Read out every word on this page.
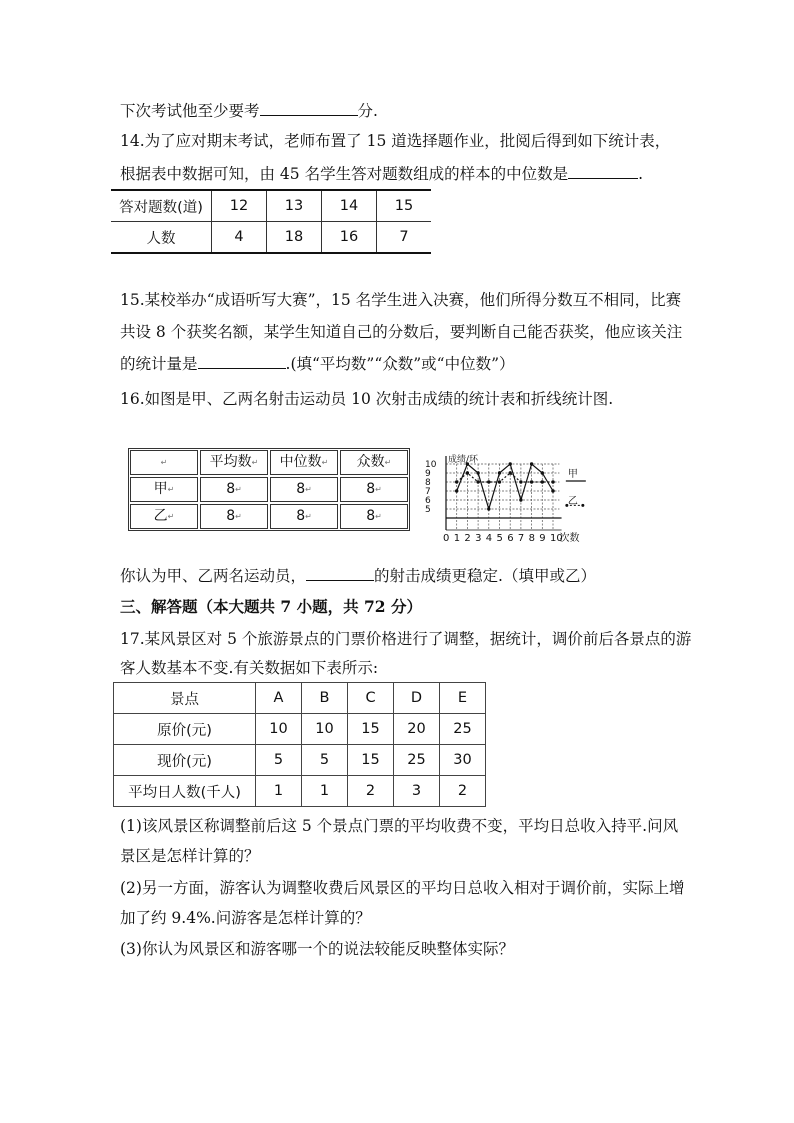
下次考试他至少要考	分.
14.为了应对期末考试，老师布置了 15 道选择题作业，批阅后得到如下统计表，
根据表中数据可知，由 45 名学生答对题数组成的样本的中位数是	.
答对题数(道)	12	13	14	15
人数	4	18	16	7
15.某校举办“成语听写大赛”，15 名学生进入决赛，他们所得分数互不相同，比赛
共设 8 个获奖名额，某学生知道自己的分数后，要判断自己能否获奖，他应该关注
的统计量是	.(填“平均数”“众数”或“中位数”）
16.如图是甲、乙两名射击运动员 10 次射击成绩的统计表和折线统计图.
↵	平均数↵	中位数↵	众数↵

甲↵	8↵	8↵	8↵

乙↵	8↵	8↵	8↵
10
9
8
7
6
5
0 1 2 3 4 5 6 7 8 9 10
成绩/环
次数
甲
乙
你认为甲、乙两名运动员，	的射击成绩更稳定.（填甲或乙）
三、解答题（本大题共 7 小题，共 72 分）
17.某风景区对 5 个旅游景点的门票价格进行了调整，据统计，调价前后各景点的游
客人数基本不变.有关数据如下表所示:
景点	A	B	C	D	E
原价(元)	10	10	15	20	25
现价(元)	5	5	15	25	30
平均日人数(千人)	1	1	2	3	2
(1)该风景区称调整前后这 5 个景点门票的平均收费不变，平均日总收入持平.问风
景区是怎样计算的？
(2)另一方面，游客认为调整收费后风景区的平均日总收入相对于调价前，实际上增
加了约 9.4%.问游客是怎样计算的？
(3)你认为风景区和游客哪一个的说法较能反映整体实际？
